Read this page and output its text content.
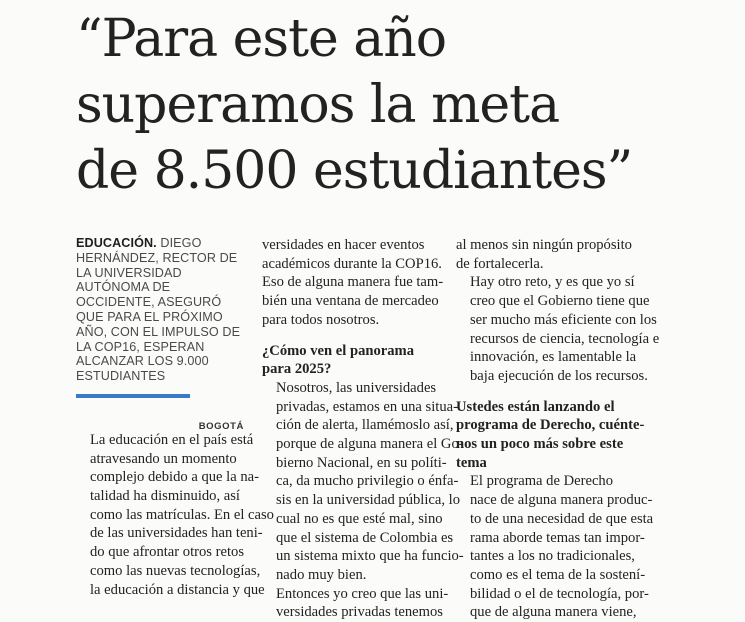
“Para este año
superamos la meta
de 8.500 estudiantes”

EDUCACIÓN. DIEGO HERNÁNDEZ, RECTOR DE LA UNIVERSIDAD AUTÓNOMA DE OCCIDENTE, ASEGURÓ QUE PARA EL PRÓXIMO AÑO, CON EL IMPULSO DE LA COP16, ESPERAN ALCANZAR LOS 9.000 ESTUDIANTES

BOGOTÁ

La educación en el país está
atravesando un momento
complejo debido a que la na-
talidad ha disminuido, así
como las matrículas. En el caso
de las universidades han teni-
do que afrontar otros retos
como las nuevas tecnologías,
la educación a distancia y que

versidades en hacer eventos
académicos durante la COP16.
Eso de alguna manera fue tam-
bién una ventana de mercadeo
para todos nosotros.

¿Cómo ven el panorama
para 2025?

Nosotros, las universidades
privadas, estamos en una situa-
ción de alerta, llamémoslo así,
porque de alguna manera el Go-
bierno Nacional, en su políti-
ca, da mucho privilegio o énfa-
sis en la universidad pública, lo
cual no es que esté mal, sino
que el sistema de Colombia es
un sistema mixto que ha funcio-
nado muy bien.

Entonces yo creo que las uni-
versidades privadas tenemos

al menos sin ningún propósito
de fortalecerla.

Hay otro reto, y es que yo sí
creo que el Gobierno tiene que
ser mucho más eficiente con los
recursos de ciencia, tecnología e
innovación, es lamentable la
baja ejecución de los recursos.

Ustedes están lanzando el
programa de Derecho, cuénte-
nos un poco más sobre este
tema

El programa de Derecho
nace de alguna manera produc-
to de una necesidad de que esta
rama aborde temas tan impor-
tantes a los no tradicionales,
como es el tema de la sostení-
bilidad o el de tecnología, por-
que de alguna manera viene,
